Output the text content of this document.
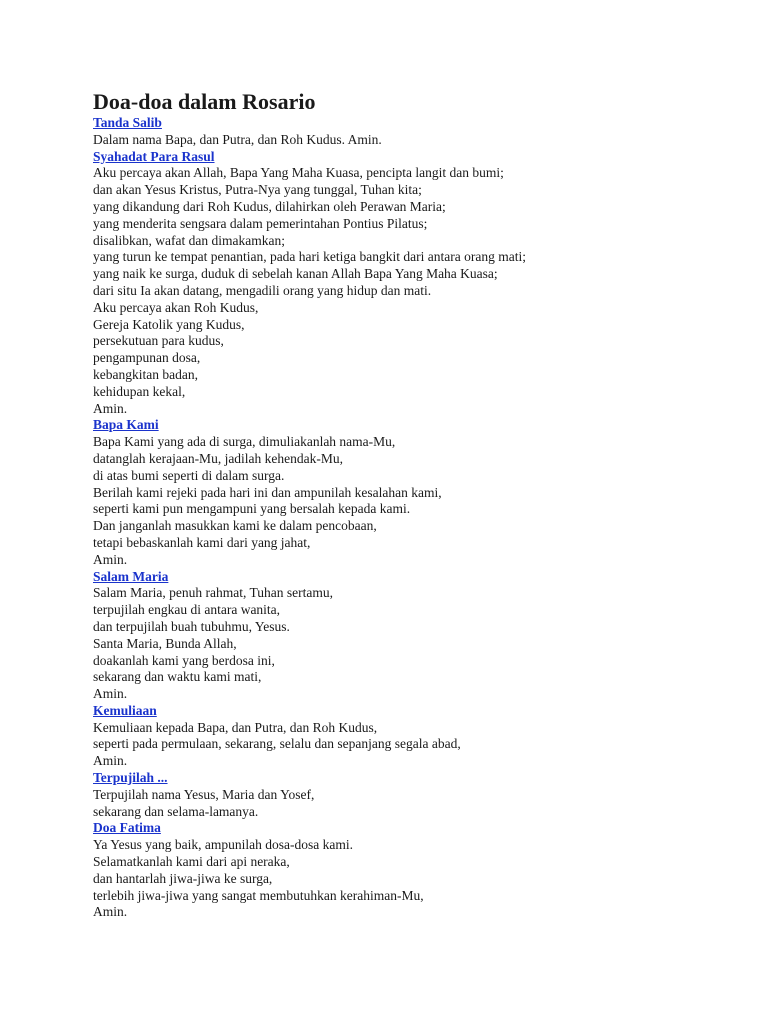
Doa-doa dalam Rosario
Tanda Salib
Dalam nama Bapa, dan Putra, dan Roh Kudus. Amin.
Syahadat Para Rasul
Aku percaya akan Allah, Bapa Yang Maha Kuasa, pencipta langit dan bumi;
dan akan Yesus Kristus, Putra-Nya yang tunggal, Tuhan kita;
yang dikandung dari Roh Kudus, dilahirkan oleh Perawan Maria;
yang menderita sengsara dalam pemerintahan Pontius Pilatus;
disalibkan, wafat dan dimakamkan;
yang turun ke tempat penantian, pada hari ketiga bangkit dari antara orang mati;
yang naik ke surga, duduk di sebelah kanan Allah Bapa Yang Maha Kuasa;
dari situ Ia akan datang, mengadili orang yang hidup dan mati.
Aku percaya akan Roh Kudus,
Gereja Katolik yang Kudus,
persekutuan para kudus,
pengampunan dosa,
kebangkitan badan,
kehidupan kekal,
Amin.
Bapa Kami
Bapa Kami yang ada di surga, dimuliakanlah nama-Mu,
datanglah kerajaan-Mu, jadilah kehendak-Mu,
di atas bumi seperti di dalam surga.
Berilah kami rejeki pada hari ini dan ampunilah kesalahan kami,
seperti kami pun mengampuni yang bersalah kepada kami.
Dan janganlah masukkan kami ke dalam pencobaan,
tetapi bebaskanlah kami dari yang jahat,
Amin.
Salam Maria
Salam Maria, penuh rahmat, Tuhan sertamu,
terpujilah engkau di antara wanita,
dan terpujilah buah tubuhmu, Yesus.
Santa Maria, Bunda Allah,
doakanlah kami yang berdosa ini,
sekarang dan waktu kami mati,
Amin.
Kemuliaan
Kemuliaan kepada Bapa, dan Putra, dan Roh Kudus,
seperti pada permulaan, sekarang, selalu dan sepanjang segala abad,
Amin.
Terpujilah ...
Terpujilah nama Yesus, Maria dan Yosef,
sekarang dan selama-lamanya.
Doa Fatima
Ya Yesus yang baik, ampunilah dosa-dosa kami.
Selamatkanlah kami dari api neraka,
dan hantarlah jiwa-jiwa ke surga,
terlebih jiwa-jiwa yang sangat membutuhkan kerahiman-Mu,
Amin.
